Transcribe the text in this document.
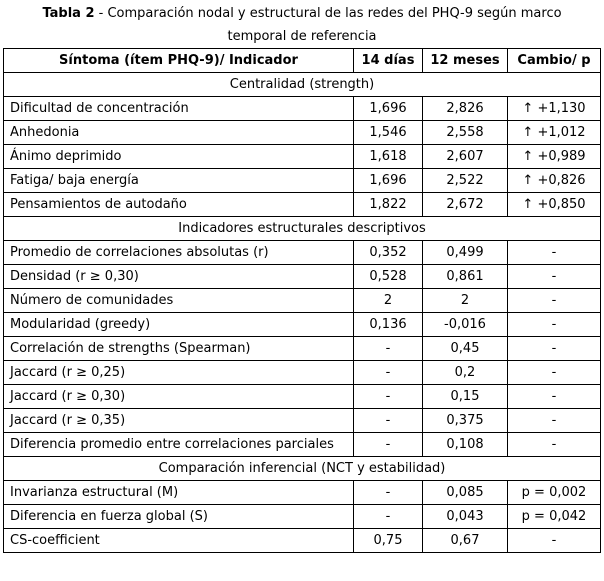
Tabla 2 - Comparación nodal y estructural de las redes del PHQ-9 según marco
temporal de referencia
Síntoma (ítem PHQ-9)/ Indicador	14 días	12 meses	Cambio/ p
Centralidad (strength)			
Dificultad de concentración	1,696	2,826	↑ +1,130
Anhedonia	1,546	2,558	↑ +1,012
Ánimo deprimido	1,618	2,607	↑ +0,989
Fatiga/ baja energía	1,696	2,522	↑ +0,826
Pensamientos de autodaño	1,822	2,672	↑ +0,850
Indicadores estructurales descriptivos			
Promedio de correlaciones absolutas (r)	0,352	0,499	-
Densidad (r ≥ 0,30)	0,528	0,861	-
Número de comunidades	2	2	-
Modularidad (greedy)	0,136	-0,016	-
Correlación de strengths (Spearman)	-	0,45	-
Jaccard (r ≥ 0,25)	-	0,2	-
Jaccard (r ≥ 0,30)	-	0,15	-
Jaccard (r ≥ 0,35)	-	0,375	-
Diferencia promedio entre correlaciones parciales	-	0,108	-
Comparación inferencial (NCT y estabilidad)			
Invarianza estructural (M)	-	0,085	p = 0,002
Diferencia en fuerza global (S)	-	0,043	p = 0,042
CS-coefficient	0,75	0,67	-
